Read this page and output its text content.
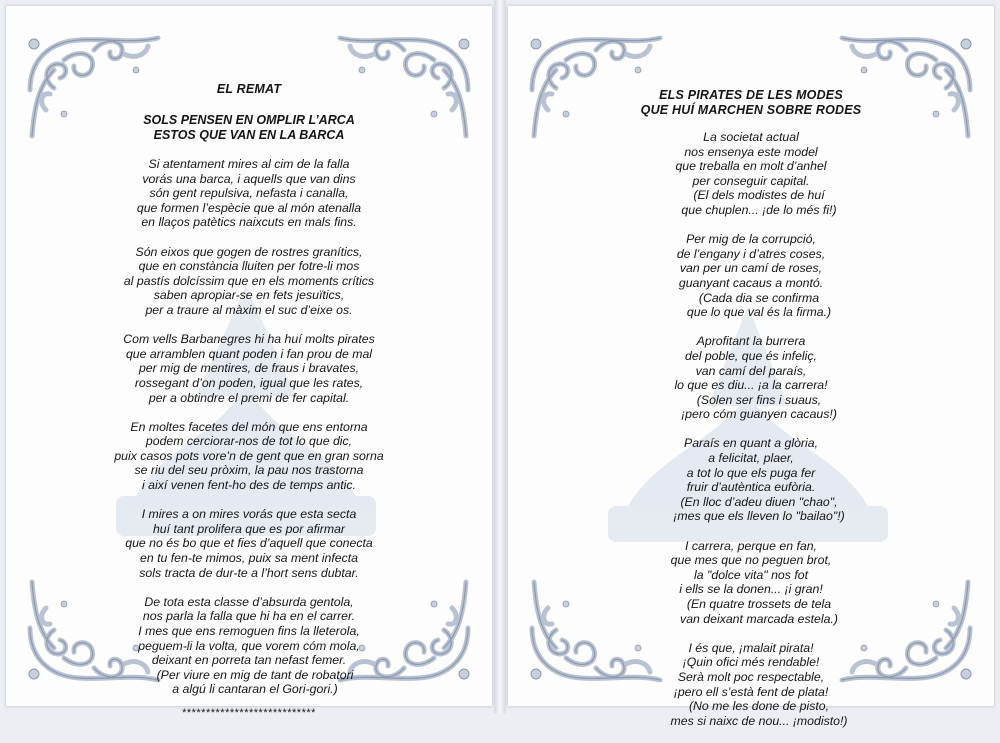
EL REMAT

SOLS PENSEN EN OMPLIR L’ARCA
ESTOS QUE VAN EN LA BARCA

Si atentament mires al cim de la falla
vorás una barca, i aquells que van dins
són gent repulsiva, nefasta i canalla,
que formen l’espècie que al món atenalla
en llaços patètics naixcuts en mals fins.

Són eixos que gogen de rostres granítics,
que en constància lluiten per fotre-li mos
al pastís dolcíssim que en els moments crítics
saben apropiar-se en fets jesuïtics,
per a traure al màxim el suc d’eixe os.

Com vells Barbanegres hi ha huí molts pirates
que arramblen quant poden i fan prou de mal
per mig de mentires, de fraus i bravates,
rossegant d’on poden, igual que les rates,
per a obtindre el premi de fer capital.

En moltes facetes del món que ens entorna
podem cerciorar-nos de tot lo que dic,
puix casos pots vore’n de gent que en gran sorna
se riu del seu pròxim, la pau nos trastorna
i així venen fent-ho des de temps antic.

I mires a on mires vorás que esta secta
huí tant prolifera que es por afirmar
que no és bo que et fies d’aquell que conecta
en tu fen-te mimos, puix sa ment infecta
sols tracta de dur-te a l’hort sens dubtar.

De tota esta classe d’absurda gentola,
nos parla la falla que hi ha en el carrer.
I mes que ens remoguen fins la lleterola,
peguem-li la volta, que vorem cóm mola,
deixant en porreta tan nefast femer.
(Per viure en mig de tant de robatori
a algú li cantaran el Gori-gori.)

****************************

ELS PIRATES DE LES MODES
QUE HUÍ MARCHEN SOBRE RODES

La societat actual
nos ensenya este model
que treballa en molt d’anhel
per conseguir capital.
(El dels modistes de huí
que chuplen... ¡de lo més fi!)

Per mig de la corrupció,
de l’engany i d’atres coses,
van per un camí de roses,
guanyant cacaus a montó.
(Cada dia se confirma
que lo que val és la firma.)

Aprofitant la burrera
del poble, que és infeliç,
van camí del paraís,
lo que es diu... ¡a la carrera!
(Solen ser fins i suaus,
¡pero cóm guanyen cacaus!)

Paraís en quant a glòria,
a felicitat, plaer,
a tot lo que els puga fer
fruir d’autèntica eufòria.
(En lloc d’adeu diuen "chao",
¡mes que els lleven lo "bailao"!)

I carrera, perque en fan,
que mes que no peguen brot,
la "dolce vita" nos fot
i ells se la donen... ¡i gran!
(En quatre trossets de tela
van deixant marcada estela.)

I és que, ¡malait pirata!
¡Quin ofici més rendable!
Serà molt poc respectable,
¡pero ell s’està fent de plata!
(No me les done de pisto,
mes si naixc de nou... ¡modisto!)
